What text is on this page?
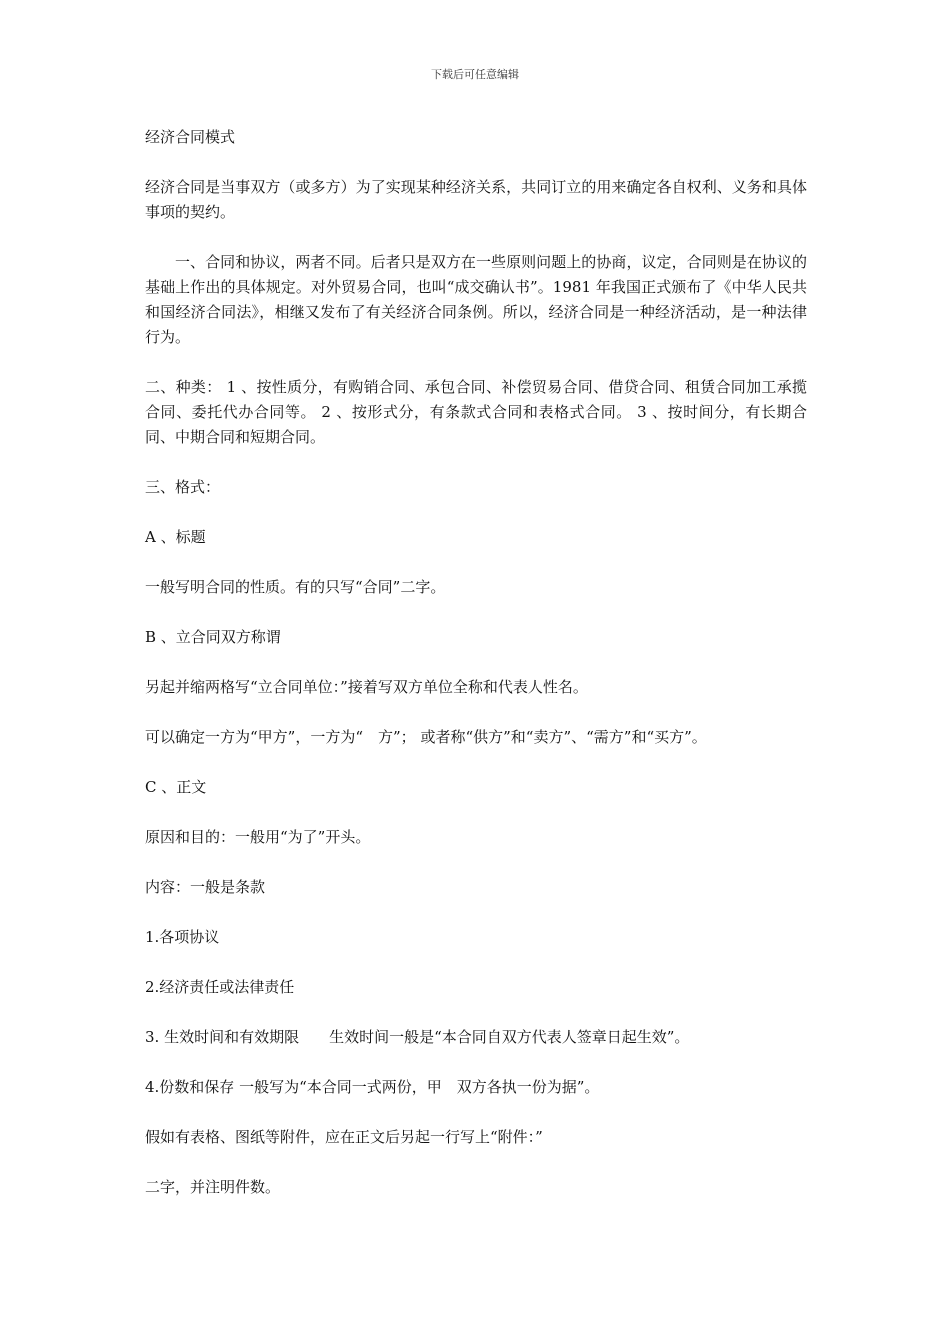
下载后可任意编辑

经济合同模式

经济合同是当事双方（或多方）为了实现某种经济关系，共同订立的用来确定各自权利、义务和具体事项的契约。

一、合同和协议，两者不同。后者只是双方在一些原则问题上的协商，议定，合同则是在协议的基础上作出的具体规定。对外贸易合同，也叫“成交确认书”。1981 年我国正式颁布了《中华人民共和国经济合同法》，相继又发布了有关经济合同条例。所以，经济合同是一种经济活动，是一种法律行为。

二、种类： 1 、按性质分，有购销合同、承包合同、补偿贸易合同、借贷合同、租赁合同加工承揽合同、委托代办合同等。 2 、按形式分，有条款式合同和表格式合同。 3 、按时间分，有长期合同、中期合同和短期合同。

三、格式：

A 、标题

一般写明合同的性质。有的只写“合同”二字。

B 、立合同双方称谓

另起并缩两格写“立合同单位：”接着写双方单位全称和代表人性名。

可以确定一方为“甲方”，一方为“　方”； 或者称“供方”和“卖方”、“需方”和“买方”。

C 、正文

原因和目的：一般用“为了”开头。

内容：一般是条款

1.各项协议

2.经济责任或法律责任

3. 生效时间和有效期限　　生效时间一般是“本合同自双方代表人签章日起生效”。

4.份数和保存 一般写为“本合同一式两份，甲　双方各执一份为据”。

假如有表格、图纸等附件，应在正文后另起一行写上“附件：”

二字，并注明件数。
